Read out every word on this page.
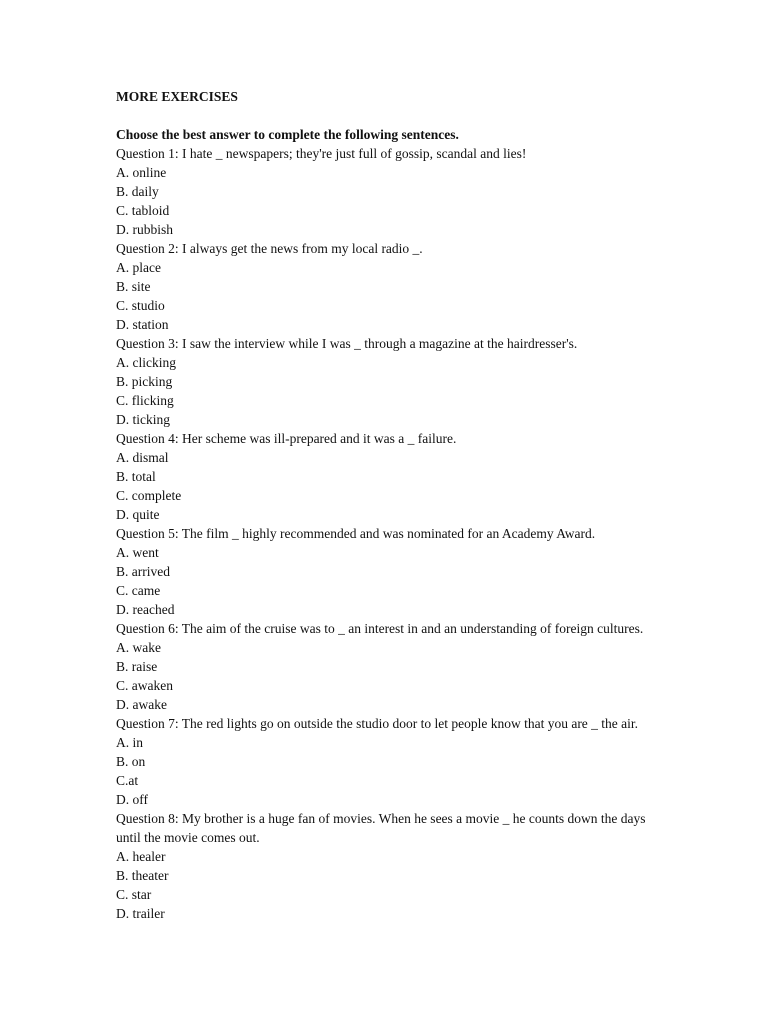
MORE EXERCISES

Choose the best answer to complete the following sentences.

Question 1: I hate _ newspapers; they're just full of gossip, scandal and lies!

A. online

B. daily

C. tabloid

D. rubbish

Question 2: I always get the news from my local radio _.

A. place

B. site

C. studio

D. station

Question 3: I saw the interview while I was _ through a magazine at the hairdresser's.

A. clicking

B. picking

C. flicking

D. ticking

Question 4: Her scheme was ill-prepared and it was a _ failure.

A. dismal

B. total

C. complete

D. quite

Question 5: The film _ highly recommended and was nominated for an Academy Award.

A. went

B. arrived

C. came

D. reached

Question 6: The aim of the cruise was to _ an interest in and an understanding of foreign cultures.

A. wake

B. raise

C. awaken

D. awake

Question 7: The red lights go on outside the studio door to let people know that you are _ the air.

A. in

B. on

C.at

D. off

Question 8: My brother is a huge fan of movies. When he sees a movie _ he counts down the days until the movie comes out.

A. healer

B. theater

C. star

D. trailer
